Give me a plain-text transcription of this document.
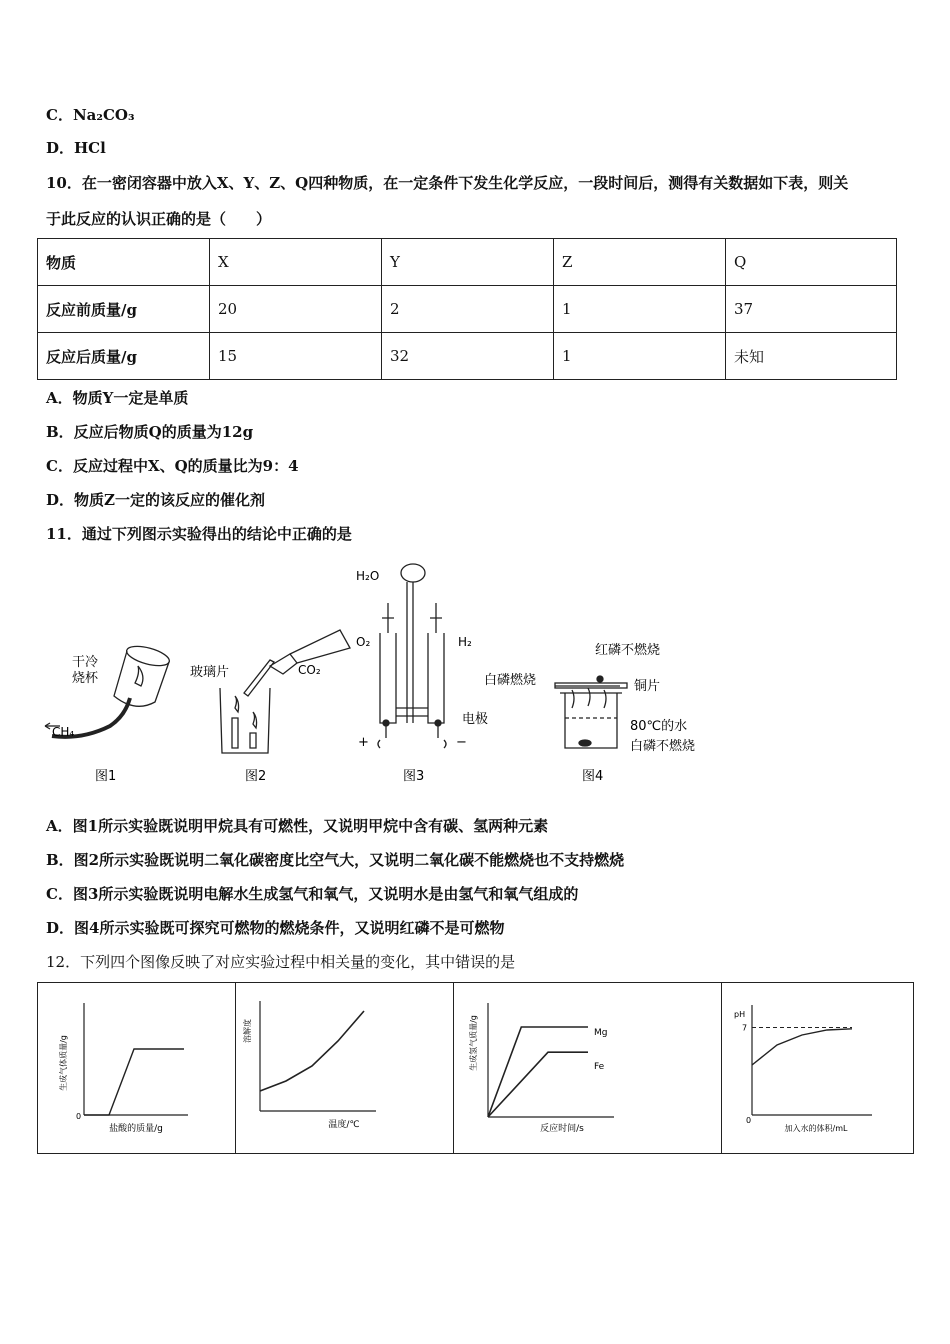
C．Na₂CO₃
D．HCl
10．在一密闭容器中放入X、Y、Z、Q四种物质，在一定条件下发生化学反应，一段时间后，测得有关数据如下表，则关
于此反应的认识正确的是（　　）
物质	X	Y	Z	Q
反应前质量/g	20	2	1	37
反应后质量/g	15	32	1	未知
A．物质Y一定是单质
B．反应后物质Q的质量为12g
C．反应过程中X、Q的质量比为9：4
D．物质Z一定的该反应的催化剂
11．通过下列图示实验得出的结论中正确的是
干冷
烧杯
CH₄
图1
玻璃片	CO₂
图2
H₂O
O₂	H₂
电极
+	−
图3
红磷不燃烧
白磷燃烧	铜片
80℃的水
白磷不燃烧
图4
A．图1所示实验既说明甲烷具有可燃性，又说明甲烷中含有碳、氢两种元素
B．图2所示实验既说明二氧化碳密度比空气大，又说明二氧化碳不能燃烧也不支持燃烧
C．图3所示实验既说明电解水生成氢气和氧气，又说明水是由氢气和氧气组成的
D．图4所示实验既可探究可燃物的燃烧条件，又说明红磷不是可燃物
12．下列四个图像反映了对应实验过程中相关量的变化，其中错误的是
0
生成气体质量/g
盐酸的质量/g
溶解度
温度/℃
Mg
Fe
生成氢气质量/g
反应时间/s
pH
7
0
加入水的体积/mL
